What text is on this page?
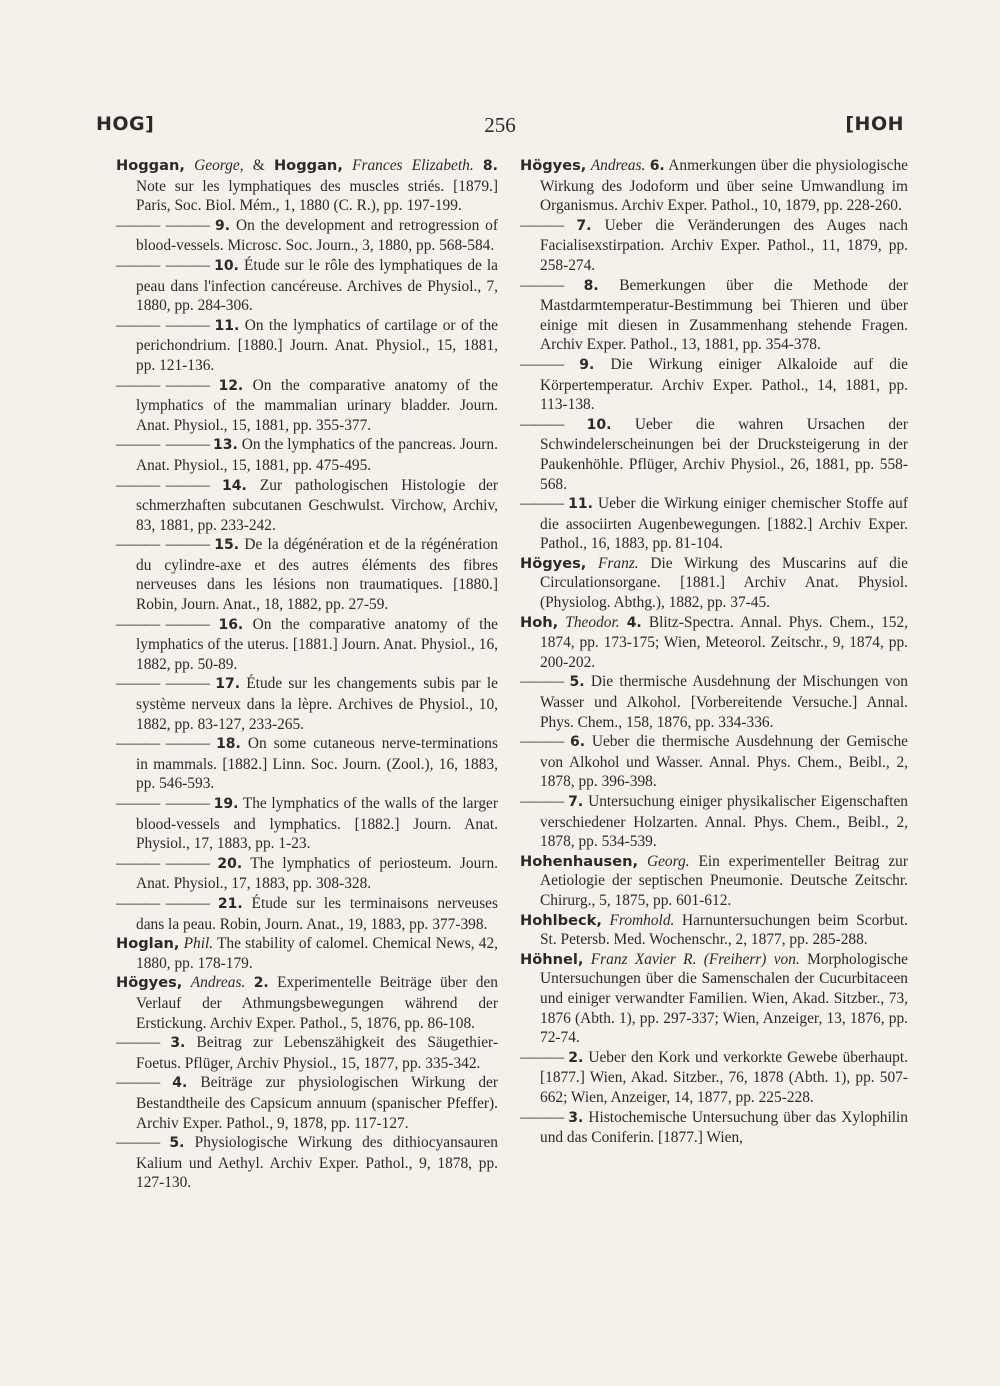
HOG]	256	[HOH

Hoggan, George, & Hoggan, Frances Elizabeth. 8. Note sur les lymphatiques des muscles striés. [1879.] Paris, Soc. Biol. Mém., 1, 1880 (C. R.), pp. 197-199.

——— ——— 9. On the development and retrogression of blood-vessels. Microsc. Soc. Journ., 3, 1880, pp. 568-584.

——— ——— 10. Étude sur le rôle des lymphatiques de la peau dans l'infection cancéreuse. Archives de Physiol., 7, 1880, pp. 284-306.

——— ——— 11. On the lymphatics of cartilage or of the perichondrium. [1880.] Journ. Anat. Physiol., 15, 1881, pp. 121-136.

——— ——— 12. On the comparative anatomy of the lymphatics of the mammalian urinary bladder. Journ. Anat. Physiol., 15, 1881, pp. 355-377.

——— ——— 13. On the lymphatics of the pancreas. Journ. Anat. Physiol., 15, 1881, pp. 475-495.

——— ——— 14. Zur pathologischen Histologie der schmerzhaften subcutanen Geschwulst. Virchow, Archiv, 83, 1881, pp. 233-242.

——— ——— 15. De la dégénération et de la régénération du cylindre-axe et des autres éléments des fibres nerveuses dans les lésions non traumatiques. [1880.] Robin, Journ. Anat., 18, 1882, pp. 27-59.

——— ——— 16. On the comparative anatomy of the lymphatics of the uterus. [1881.] Journ. Anat. Physiol., 16, 1882, pp. 50-89.

——— ——— 17. Étude sur les changements subis par le système nerveux dans la lèpre. Archives de Physiol., 10, 1882, pp. 83-127, 233-265.

——— ——— 18. On some cutaneous nerve-terminations in mammals. [1882.] Linn. Soc. Journ. (Zool.), 16, 1883, pp. 546-593.

——— ——— 19. The lymphatics of the walls of the larger blood-vessels and lymphatics. [1882.] Journ. Anat. Physiol., 17, 1883, pp. 1-23.

——— ——— 20. The lymphatics of periosteum. Journ. Anat. Physiol., 17, 1883, pp. 308-328.

——— ——— 21. Étude sur les terminaisons nerveuses dans la peau. Robin, Journ. Anat., 19, 1883, pp. 377-398.

Hoglan, Phil. The stability of calomel. Chemical News, 42, 1880, pp. 178-179.

Högyes, Andreas. 2. Experimentelle Beiträge über den Verlauf der Athmungsbewegungen während der Erstickung. Archiv Exper. Pathol., 5, 1876, pp. 86-108.

——— 3. Beitrag zur Lebenszähigkeit des Säugethier-Foetus. Pflüger, Archiv Physiol., 15, 1877, pp. 335-342.

——— 4. Beiträge zur physiologischen Wirkung der Bestandtheile des Capsicum annuum (spanischer Pfeffer). Archiv Exper. Pathol., 9, 1878, pp. 117-127.

——— 5. Physiologische Wirkung des dithiocyansauren Kalium und Aethyl. Archiv Exper. Pathol., 9, 1878, pp. 127-130.

Högyes, Andreas. 6. Anmerkungen über die physiologische Wirkung des Jodoform und über seine Umwandlung im Organismus. Archiv Exper. Pathol., 10, 1879, pp. 228-260.

——— 7. Ueber die Veränderungen des Auges nach Facialisexstirpation. Archiv Exper. Pathol., 11, 1879, pp. 258-274.

——— 8. Bemerkungen über die Methode der Mastdarmtemperatur-Bestimmung bei Thieren und über einige mit diesen in Zusammenhang stehende Fragen. Archiv Exper. Pathol., 13, 1881, pp. 354-378.

——— 9. Die Wirkung einiger Alkaloide auf die Körpertemperatur. Archiv Exper. Pathol., 14, 1881, pp. 113-138.

——— 10. Ueber die wahren Ursachen der Schwindelerscheinungen bei der Drucksteigerung in der Paukenhöhle. Pflüger, Archiv Physiol., 26, 1881, pp. 558-568.

——— 11. Ueber die Wirkung einiger chemischer Stoffe auf die associirten Augenbewegungen. [1882.] Archiv Exper. Pathol., 16, 1883, pp. 81-104.

Högyes, Franz. Die Wirkung des Muscarins auf die Circulationsorgane. [1881.] Archiv Anat. Physiol. (Physiolog. Abthg.), 1882, pp. 37-45.

Hoh, Theodor. 4. Blitz-Spectra. Annal. Phys. Chem., 152, 1874, pp. 173-175; Wien, Meteorol. Zeitschr., 9, 1874, pp. 200-202.

——— 5. Die thermische Ausdehnung der Mischungen von Wasser und Alkohol. [Vorbereitende Versuche.] Annal. Phys. Chem., 158, 1876, pp. 334-336.

——— 6. Ueber die thermische Ausdehnung der Gemische von Alkohol und Wasser. Annal. Phys. Chem., Beibl., 2, 1878, pp. 396-398.

——— 7. Untersuchung einiger physikalischer Eigenschaften verschiedener Holzarten. Annal. Phys. Chem., Beibl., 2, 1878, pp. 534-539.

Hohenhausen, Georg. Ein experimenteller Beitrag zur Aetiologie der septischen Pneumonie. Deutsche Zeitschr. Chirurg., 5, 1875, pp. 601-612.

Hohlbeck, Fromhold. Harnuntersuchungen beim Scorbut. St. Petersb. Med. Wochenschr., 2, 1877, pp. 285-288.

Höhnel, Franz Xavier R. (Freiherr) von. Morphologische Untersuchungen über die Samenschalen der Cucurbitaceen und einiger verwandter Familien. Wien, Akad. Sitzber., 73, 1876 (Abth. 1), pp. 297-337; Wien, Anzeiger, 13, 1876, pp. 72-74.

——— 2. Ueber den Kork und verkorkte Gewebe überhaupt. [1877.] Wien, Akad. Sitzber., 76, 1878 (Abth. 1), pp. 507-662; Wien, Anzeiger, 14, 1877, pp. 225-228.

——— 3. Histochemische Untersuchung über das Xylophilin und das Coniferin. [1877.] Wien,
